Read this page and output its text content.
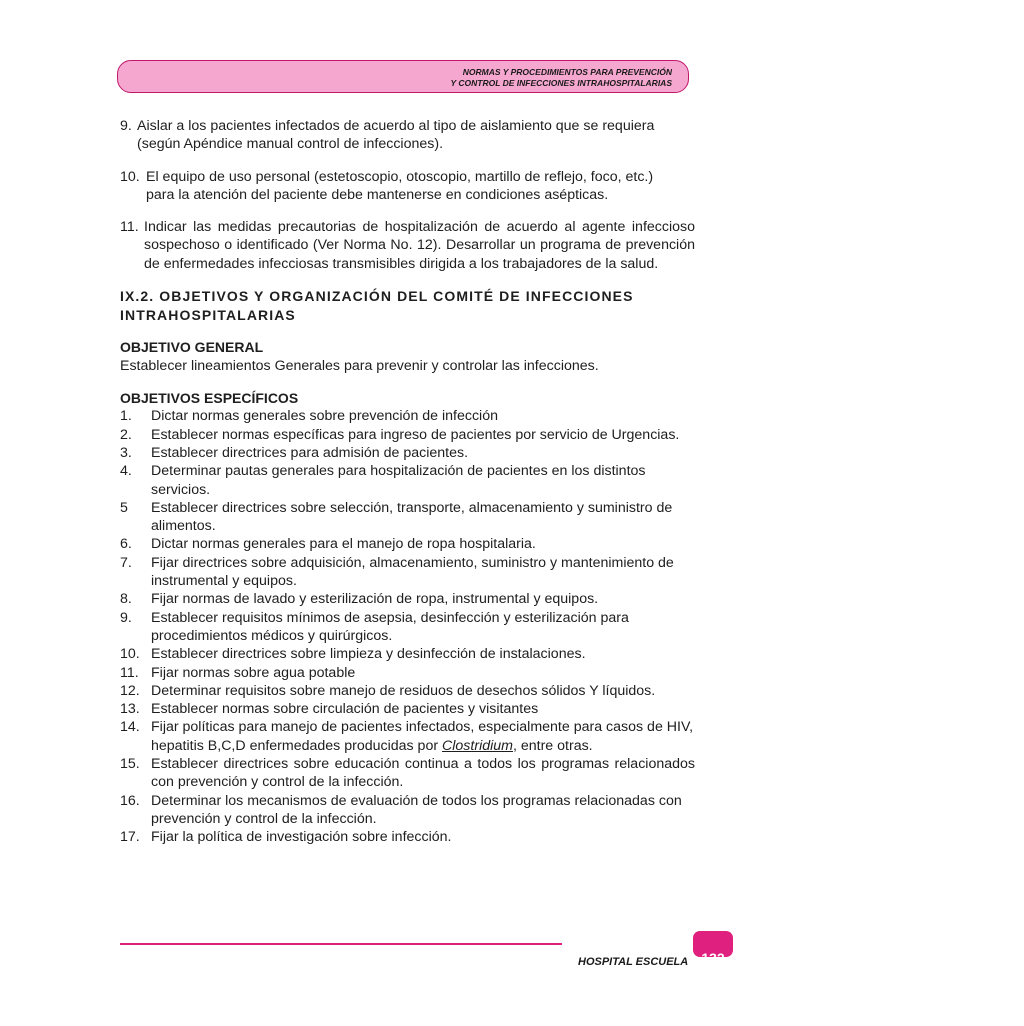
NORMAS Y PROCEDIMIENTOS PARA PREVENCIÓN
Y CONTROL DE INFECCIONES INTRAHOSPITALARIAS
9. Aislar a los pacientes infectados de acuerdo al tipo de aislamiento que se requiera
(según Apéndice manual control de infecciones).
10. El equipo de uso personal (estetoscopio, otoscopio, martillo de reflejo, foco, etc.)
para la atención del paciente debe mantenerse en condiciones asépticas.
11. Indicar las medidas precautorias de hospitalización de acuerdo al agente infeccioso sospechoso o identificado (Ver Norma No. 12). Desarrollar un programa de prevención de enfermedades infecciosas transmisibles dirigida a los trabajadores de la salud.
IX.2. OBJETIVOS Y ORGANIZACIÓN DEL COMITÉ DE INFECCIONES
INTRAHOSPITALARIAS
OBJETIVO GENERAL
Establecer lineamientos Generales para prevenir y controlar las infecciones.
OBJETIVOS ESPECÍFICOS
1.	Dictar normas generales sobre prevención de infección
2.	Establecer normas específicas para ingreso de pacientes por servicio de Urgencias.
3.	Establecer directrices para admisión de pacientes.
4.	Determinar pautas generales para hospitalización de pacientes en los distintos servicios.
5	Establecer directrices sobre selección, transporte, almacenamiento y suministro de alimentos.
6.	Dictar normas generales para el manejo de ropa hospitalaria.
7.	Fijar directrices sobre adquisición, almacenamiento, suministro y mantenimiento de instrumental y equipos.
8.	Fijar normas de lavado y esterilización de ropa, instrumental y equipos.
9.	Establecer requisitos mínimos de asepsia, desinfección y esterilización para procedimientos médicos y quirúrgicos.
10. Establecer directrices sobre limpieza y desinfección de instalaciones.
11. Fijar normas sobre agua potable
12. Determinar requisitos sobre manejo de residuos de desechos sólidos Y líquidos.
13. Establecer normas sobre circulación de pacientes y visitantes
14. Fijar políticas para manejo de pacientes infectados, especialmente para casos de HIV, hepatitis B,C,D enfermedades producidas por Clostridium, entre otras.
15. Establecer directrices sobre educación continua a todos los programas relacionados con prevención y control de la infección.
16. Determinar los mecanismos de evaluación de todos los programas relacionadas con prevención y control de la infección.
17. Fijar la política de investigación sobre infección.
132
HOSPITAL ESCUELA
